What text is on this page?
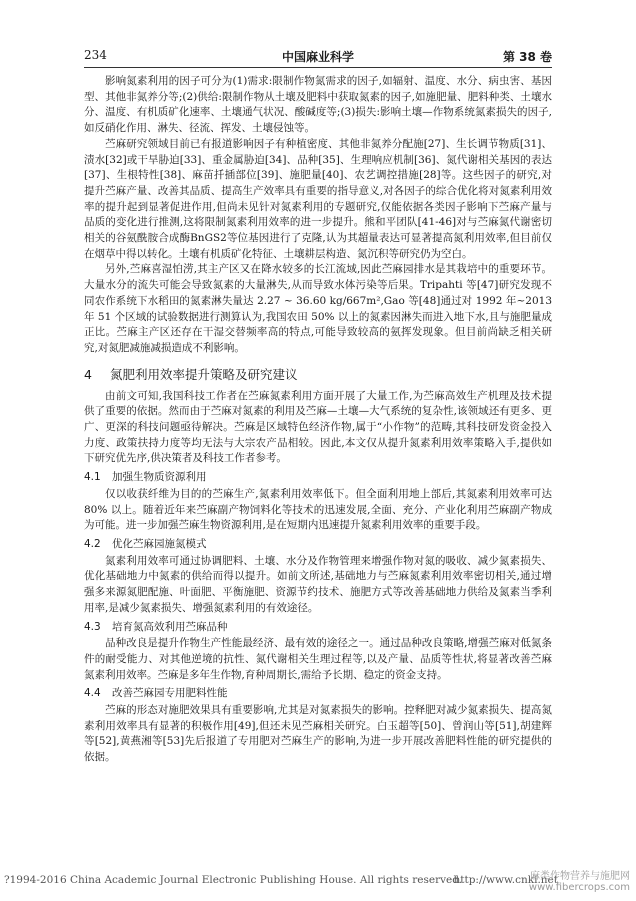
234	中国麻业科学	第 38 卷

影响氮素利用的因子可分为(1)需求:限制作物氮需求的因子,如辐射、温度、水分、病虫害、基因型、其他非氮养分等;(2)供给:限制作物从土壤及肥料中获取氮素的因子,如施肥量、肥料种类、土壤水分、温度、有机质矿化速率、土壤通气状况、酸碱度等;(3)损失:影响土壤—作物系统氮素损失的因子,如反硝化作用、淋失、径流、挥发、土壤侵蚀等。

苎麻研究领域目前已有报道影响因子有种植密度、其他非氮养分配施[27]、生长调节物质[31]、渍水[32]或干旱胁迫[33]、重金属胁迫[34]、品种[35]、生理响应机制[36]、氮代谢相关基因的表达[37]、生根特性[38]、麻苗扦插部位[39]、施肥量[40]、农艺调控措施[28]等。这些因子的研究,对提升苎麻产量、改善其品质、提高生产效率具有重要的指导意义,对各因子的综合优化将对氮素利用效率的提升起到显著促进作用,但尚未见针对氮素利用的专题研究,仅能依据各类因子影响下苎麻产量与品质的变化进行推测,这将限制氮素利用效率的进一步提升。熊和平团队[41-46]对与苎麻氮代谢密切相关的谷氨酰胺合成酶BnGS2等位基因进行了克隆,认为其超量表达可显著提高氮利用效率,但目前仅在烟草中得以转化。土壤有机质矿化特征、土壤耕层构造、氮沉积等研究仍为空白。

另外,苎麻喜湿怕涝,其主产区又在降水较多的长江流域,因此苎麻园排水是其栽培中的重要环节。大量水分的流失可能会导致氮素的大量淋失,从而导致水体污染等后果。Tripahti 等[47]研究发现不同农作系统下水稻田的氮素淋失量达 2.27 ~ 36.60 kg/667m²,Gao 等[48]通过对 1992 年~2013 年 51 个区域的试验数据进行测算认为,我国农田 50% 以上的氮素因淋失而进入地下水,且与施肥量成正比。苎麻主产区还存在干湿交替频率高的特点,可能导致较高的氨挥发现象。但目前尚缺乏相关研究,对氮肥减施减损造成不利影响。

4 氮肥利用效率提升策略及研究建议

由前文可知,我国科技工作者在苎麻氮素利用方面开展了大量工作,为苎麻高效生产机理及技术提供了重要的依据。然而由于苎麻对氮素的利用及苎麻—土壤—大气系统的复杂性,该领域还有更多、更广、更深的科技问题亟待解决。苎麻是区域特色经济作物,属于“小作物”的范畴,其科技研发资金投入力度、政策扶持力度等均无法与大宗农产品相较。因此,本文仅从提升氮素利用效率策略入手,提供如下研究优先序,供决策者及科技工作者参考。

4.1 加强生物质资源利用

仅以收获纤维为目的的苎麻生产,氮素利用效率低下。但全面利用地上部后,其氮素利用效率可达 80% 以上。随着近年来苎麻副产物饲料化等技术的迅速发展,全面、充分、产业化利用苎麻副产物成为可能。进一步加强苎麻生物资源利用,是在短期内迅速提升氮素利用效率的重要手段。

4.2 优化苎麻园施氮模式

氮素利用效率可通过协调肥料、土壤、水分及作物管理来增强作物对氮的吸收、减少氮素损失、优化基础地力中氮素的供给而得以提升。如前文所述,基础地力与苎麻氮素利用效率密切相关,通过增强多来源氮肥配施、叶面肥、平衡施肥、资源节约技术、施肥方式等改善基础地力供给及氮素当季利用率,是减少氮素损失、增强氮素利用的有效途径。

4.3 培育氮高效利用苎麻品种

品种改良是提升作物生产性能最经济、最有效的途径之一。通过品种改良策略,增强苎麻对低氮条件的耐受能力、对其他逆境的抗性、氮代谢相关生理过程等,以及产量、品质等性状,将显著改善苎麻氮素利用效率。苎麻是多年生作物,育种周期长,需给予长期、稳定的资金支持。

4.4 改善苎麻园专用肥料性能

苎麻的形态对施肥效果具有重要影响,尤其是对氮素损失的影响。控释肥对减少氮素损失、提高氮素利用效率具有显著的积极作用[49],但还未见苎麻相关研究。白玉超等[50]、曾润山等[51],胡建辉等[52],黄燕湘等[53]先后报道了专用肥对苎麻生产的影响,为进一步开展改善肥料性能的研究提供的依据。

?1994-2016 China Academic Journal Electronic Publishing House. All rights reserved.
http://www.cnki.net
麻类作物营养与施肥网
www.fibercrops.com
